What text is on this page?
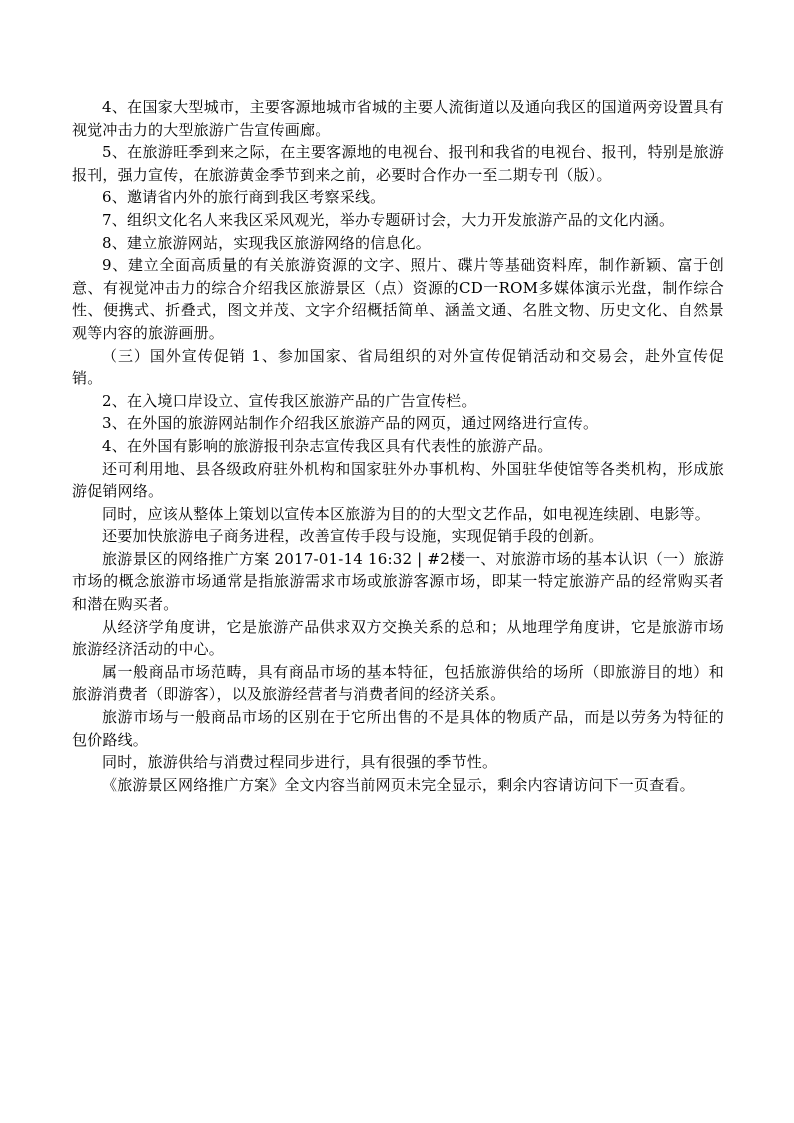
4、在国家大型城市，主要客源地城市省城的主要人流街道以及通向我区的国道两旁设置具有视觉冲击力的大型旅游广告宣传画廊。

5、在旅游旺季到来之际，在主要客源地的电视台、报刊和我省的电视台、报刊，特别是旅游报刊，强力宣传，在旅游黄金季节到来之前，必要时合作办一至二期专刊（版）。

6、邀请省内外的旅行商到我区考察采线。

7、组织文化名人来我区采风观光，举办专题研讨会，大力开发旅游产品的文化内涵。

8、建立旅游网站，实现我区旅游网络的信息化。

9、建立全面高质量的有关旅游资源的文字、照片、碟片等基础资料库，制作新颖、富于创意、有视觉冲击力的综合介绍我区旅游景区（点）资源的CD一ROM多媒体演示光盘，制作综合性、便携式、折叠式，图文并茂、文字介绍概括简单、涵盖文通、名胜文物、历史文化、自然景观等内容的旅游画册。

（三）国外宣传促销 1、参加国家、省局组织的对外宣传促销活动和交易会，赴外宣传促销。

2、在入境口岸设立、宣传我区旅游产品的广告宣传栏。

3、在外国的旅游网站制作介绍我区旅游产品的网页，通过网络进行宣传。

4、在外国有影响的旅游报刊杂志宣传我区具有代表性的旅游产品。

还可利用地、县各级政府驻外机构和国家驻外办事机构、外国驻华使馆等各类机构，形成旅游促销网络。

同时，应该从整体上策划以宣传本区旅游为目的的大型文艺作品，如电视连续剧、电影等。

还要加快旅游电子商务进程，改善宣传手段与设施，实现促销手段的创新。

旅游景区的网络推广方案 2017-01-14 16:32 | #2楼一、对旅游市场的基本认识（一）旅游市场的概念旅游市场通常是指旅游需求市场或旅游客源市场，即某一特定旅游产品的经常购买者和潜在购买者。

从经济学角度讲，它是旅游产品供求双方交换关系的总和；从地理学角度讲，它是旅游市场旅游经济活动的中心。

属一般商品市场范畴，具有商品市场的基本特征，包括旅游供给的场所（即旅游目的地）和旅游消费者（即游客），以及旅游经营者与消费者间的经济关系。

旅游市场与一般商品市场的区别在于它所出售的不是具体的物质产品，而是以劳务为特征的包价路线。

同时，旅游供给与消费过程同步进行，具有很强的季节性。

《旅游景区网络推广方案》全文内容当前网页未完全显示，剩余内容请访问下一页查看。
